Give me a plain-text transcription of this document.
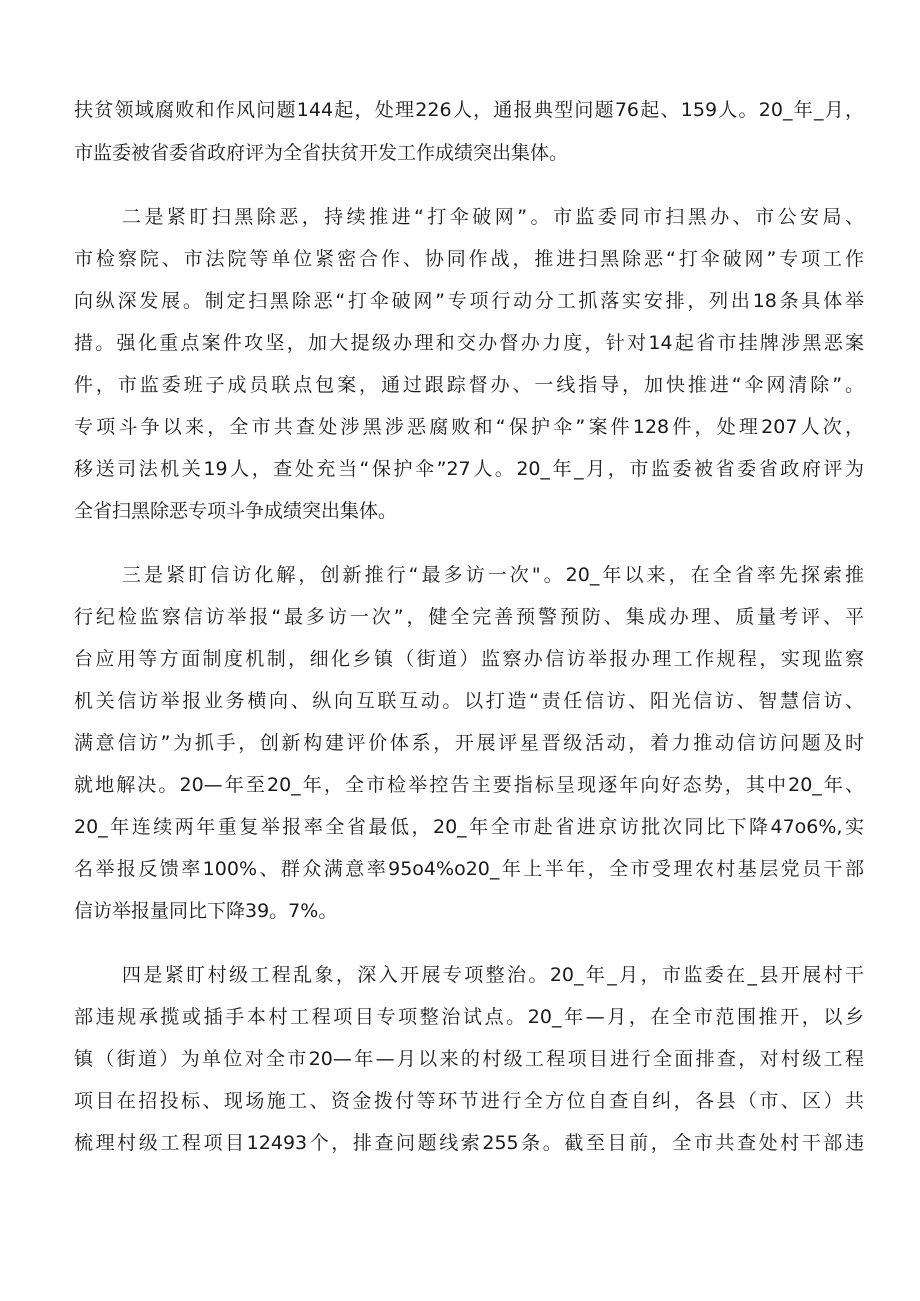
扶贫领域腐败和作风问题144起，处理226人，通报典型问题76起、159人。20_年_月，
市监委被省委省政府评为全省扶贫开发工作成绩突出集体。
二是紧盯扫黑除恶，持续推进“打伞破网”。市监委同市扫黑办、市公安局、
市检察院、市法院等单位紧密合作、协同作战，推进扫黑除恶“打伞破网”专项工作
向纵深发展。制定扫黑除恶“打伞破网”专项行动分工抓落实安排，列出18条具体举
措。强化重点案件攻坚，加大提级办理和交办督办力度，针对14起省市挂牌涉黑恶案
件，市监委班子成员联点包案，通过跟踪督办、一线指导，加快推进“伞网清除”。
专项斗争以来，全市共查处涉黑涉恶腐败和“保护伞”案件128件，处理207人次，
移送司法机关19人，查处充当“保护伞”27人。20_年_月，市监委被省委省政府评为
全省扫黑除恶专项斗争成绩突出集体。
三是紧盯信访化解，创新推行“最多访一次"。20_年以来，在全省率先探索推
行纪检监察信访举报“最多访一次”，健全完善预警预防、集成办理、质量考评、平
台应用等方面制度机制，细化乡镇（街道）监察办信访举报办理工作规程，实现监察
机关信访举报业务横向、纵向互联互动。以打造“责任信访、阳光信访、智慧信访、
满意信访”为抓手，创新构建评价体系，开展评星晋级活动，着力推动信访问题及时
就地解决。20—年至20_年，全市检举控告主要指标呈现逐年向好态势，其中20_年、
20_年连续两年重复举报率全省最低，20_年全市赴省进京访批次同比下降47o6%,实
名举报反馈率100%、群众满意率95o4%o20_年上半年，全市受理农村基层党员干部
信访举报量同比下降39。7%。
四是紧盯村级工程乱象，深入开展专项整治。20_年_月，市监委在_县开展村干
部违规承揽或插手本村工程项目专项整治试点。20_年—月，在全市范围推开，以乡
镇（街道）为单位对全市20—年—月以来的村级工程项目进行全面排查，对村级工程
项目在招投标、现场施工、资金拨付等环节进行全方位自查自纠，各县（市、区）共
梳理村级工程项目12493个，排查问题线索255条。截至目前，全市共查处村干部违
